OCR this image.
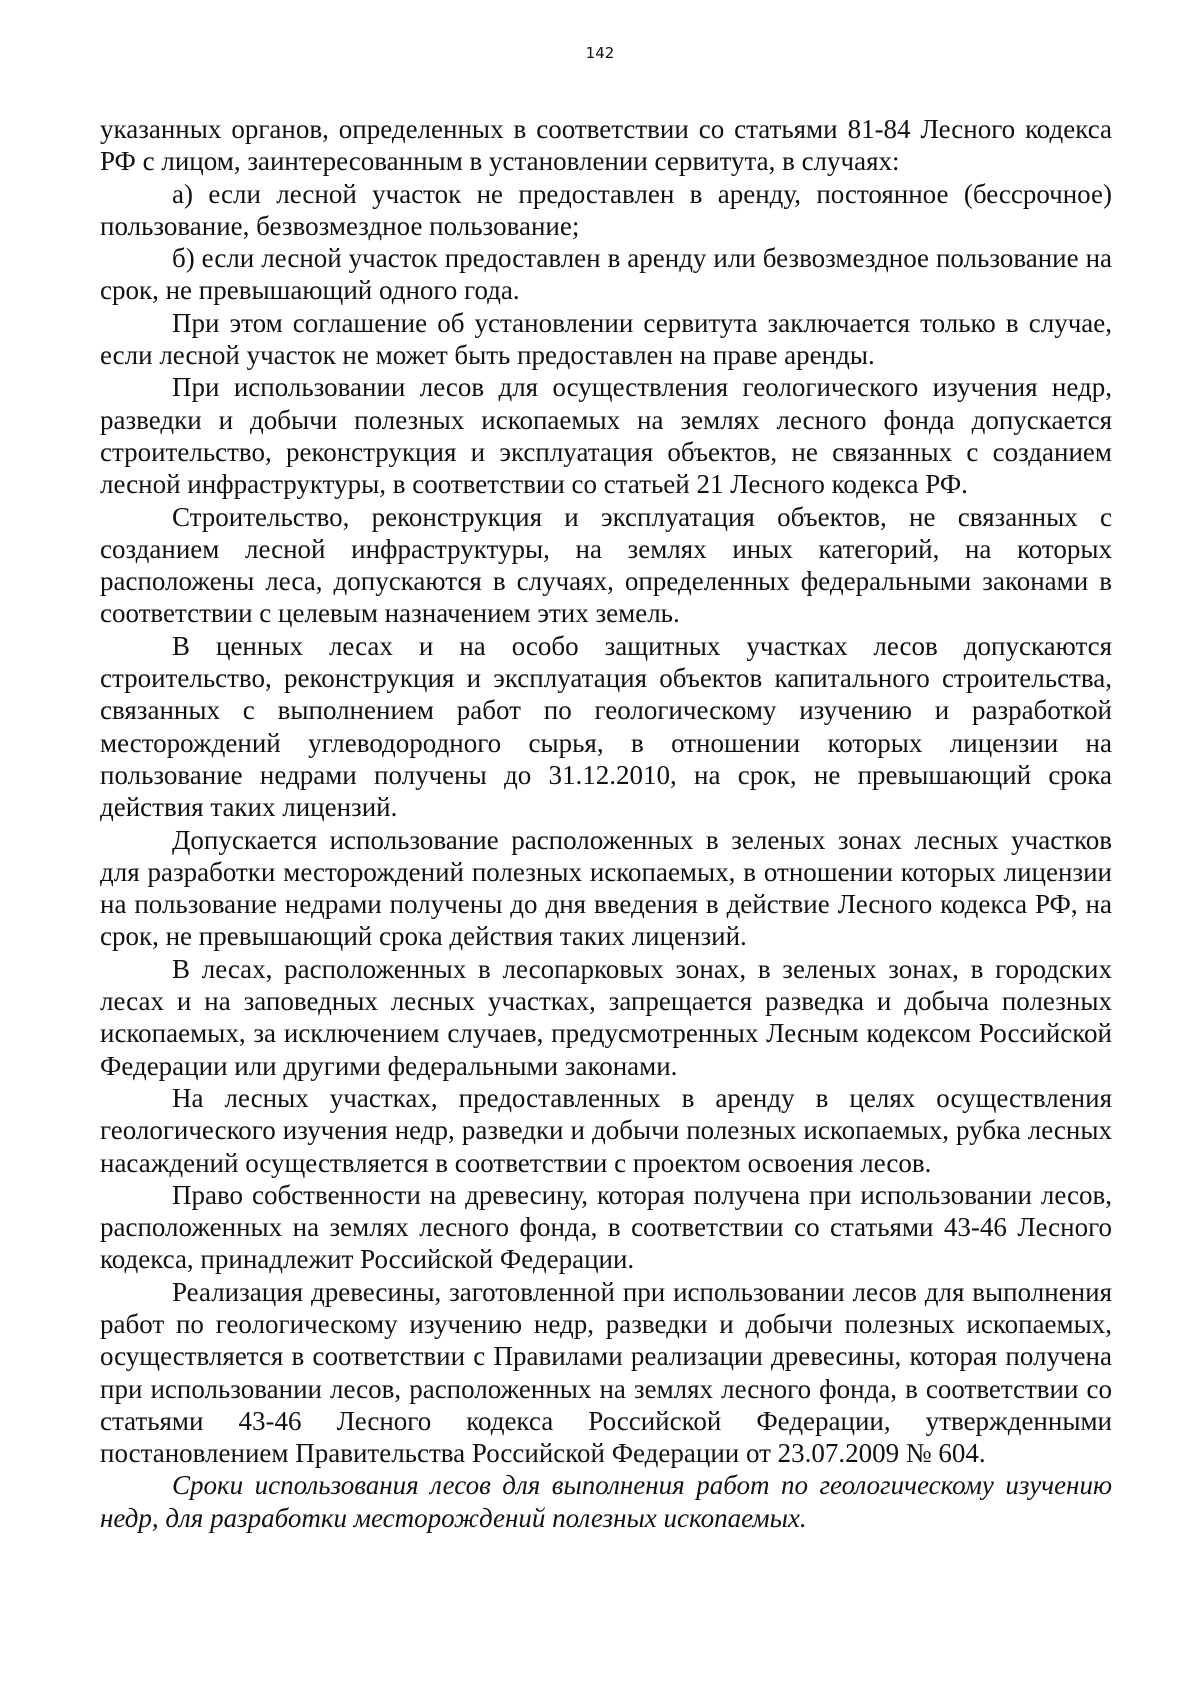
142

указанных органов, определенных в соответствии со статьями 81-84 Лесного кодекса РФ с лицом, заинтересованным в установлении сервитута, в случаях:

а) если лесной участок не предоставлен в аренду, постоянное (бессрочное) пользование, безвозмездное пользование;

б) если лесной участок предоставлен в аренду или безвозмездное пользование на срок, не превышающий одного года.

При этом соглашение об установлении сервитута заключается только в случае, если лесной участок не может быть предоставлен на праве аренды.

При использовании лесов для осуществления геологического изучения недр, разведки и добычи полезных ископаемых на землях лесного фонда допускается строительство, реконструкция и эксплуатация объектов, не связанных с созданием лесной инфраструктуры, в соответствии со статьей 21 Лесного кодекса РФ.

Строительство, реконструкция и эксплуатация объектов, не связанных с созданием лесной инфраструктуры, на землях иных категорий, на которых расположены леса, допускаются в случаях, определенных федеральными законами в соответствии с целевым назначением этих земель.

В ценных лесах и на особо защитных участках лесов допускаются строительство, реконструкция и эксплуатация объектов капитального строительства, связанных с выполнением работ по геологическому изучению и разработкой месторождений углеводородного сырья, в отношении которых лицензии на пользование недрами получены до 31.12.2010, на срок, не превышающий срока действия таких лицензий.

Допускается использование расположенных в зеленых зонах лесных участков для разработки месторождений полезных ископаемых, в отношении которых лицензии на пользование недрами получены до дня введения в действие Лесного кодекса РФ, на срок, не превышающий срока действия таких лицензий.

В лесах, расположенных в лесопарковых зонах, в зеленых зонах, в городских лесах и на заповедных лесных участках, запрещается разведка и добыча полезных ископаемых, за исключением случаев, предусмотренных Лесным кодексом Российской Федерации или другими федеральными законами.

На лесных участках, предоставленных в аренду в целях осуществления геологического изучения недр, разведки и добычи полезных ископаемых, рубка лесных насаждений осуществляется в соответствии с проектом освоения лесов.

Право собственности на древесину, которая получена при использовании лесов, расположенных на землях лесного фонда, в соответствии со статьями 43-46 Лесного кодекса, принадлежит Российской Федерации.

Реализация древесины, заготовленной при использовании лесов для выполнения работ по геологическому изучению недр, разведки и добычи полезных ископаемых, осуществляется в соответствии с Правилами реализации древесины, которая получена при использовании лесов, расположенных на землях лесного фонда, в соответствии со статьями 43-46 Лесного кодекса Российской Федерации, утвержденными постановлением Правительства Российской Федерации от 23.07.2009 № 604.

Сроки использования лесов для выполнения работ по геологическому изучению недр, для разработки месторождений полезных ископаемых.
